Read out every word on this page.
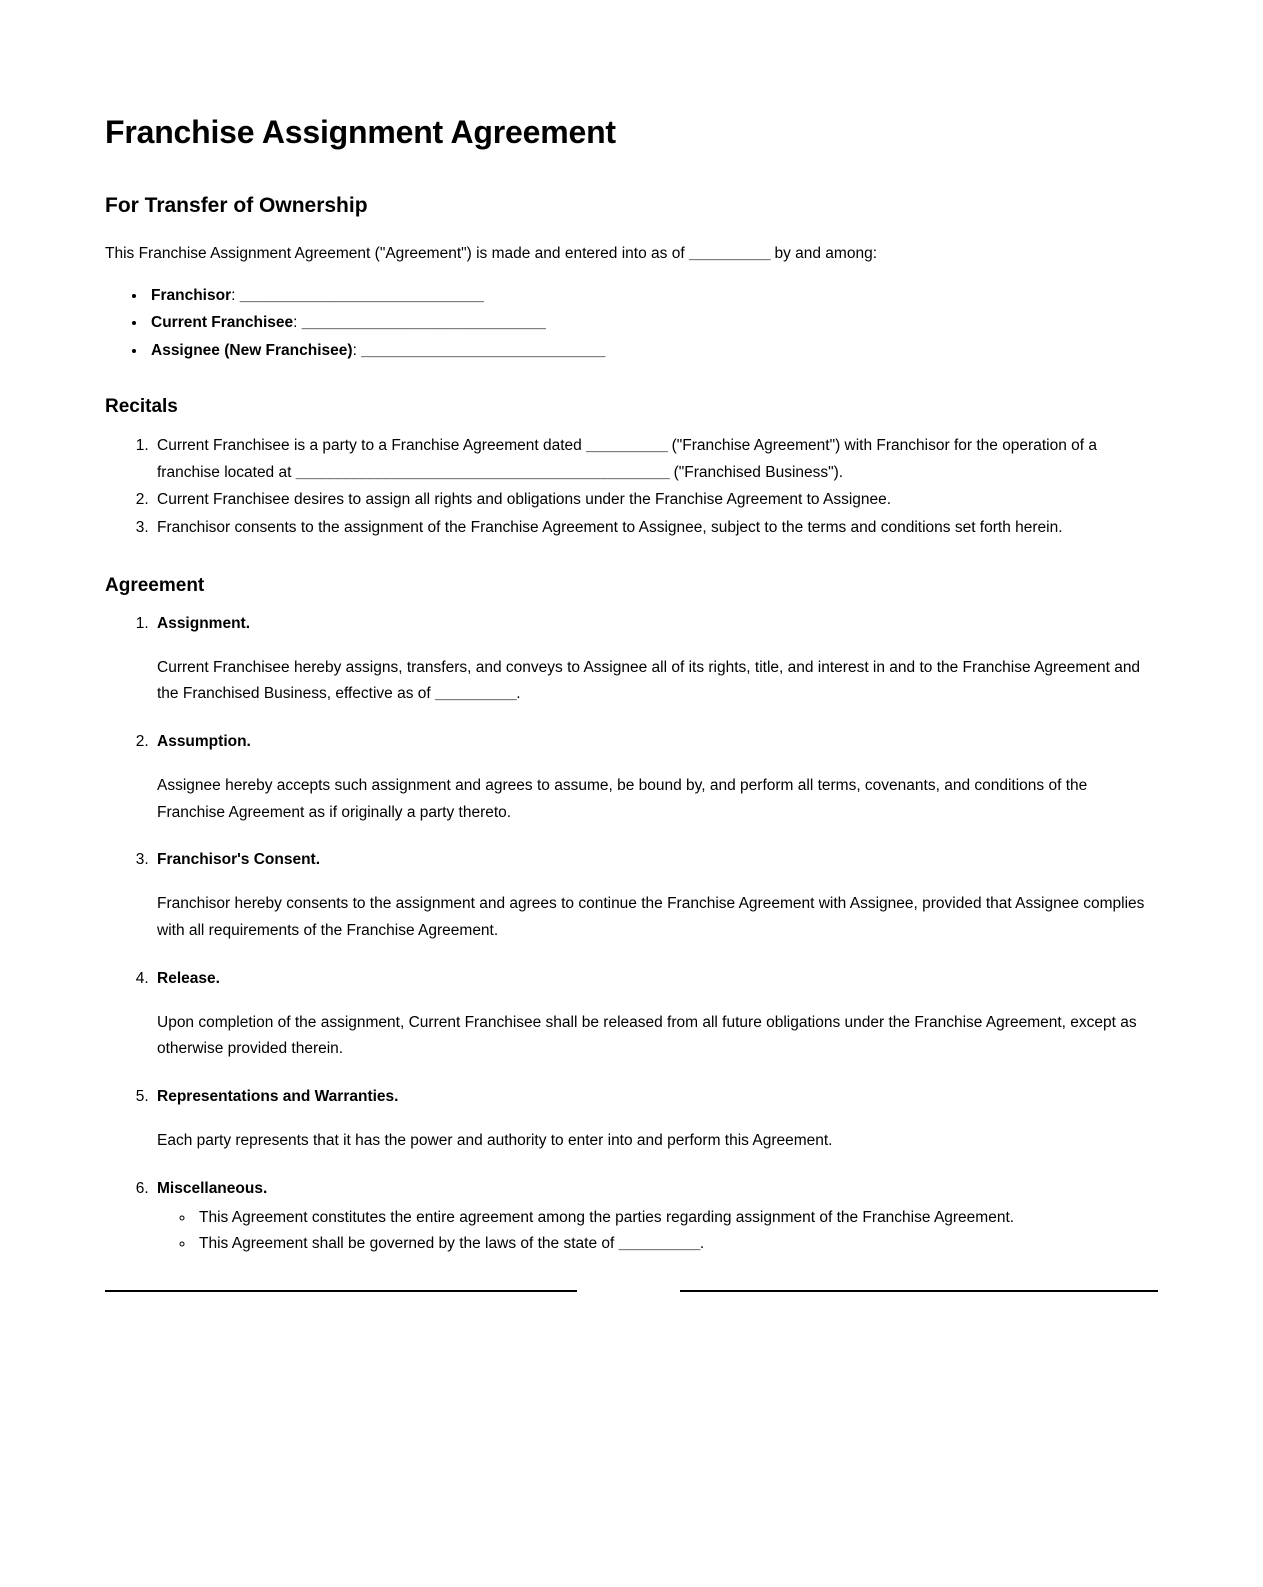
Franchise Assignment Agreement
For Transfer of Ownership

This Franchise Assignment Agreement ("Agreement") is made and entered into as of __________ by and among:

• Franchisor: ______________________________
• Current Franchisee: ______________________________
• Assignee (New Franchisee): ______________________________
Recitals
1. Current Franchisee is a party to a Franchise Agreement dated __________ ("Franchise Agreement") with Franchisor for the operation of a franchise located at ______________________________________________ ("Franchised Business").
2. Current Franchisee desires to assign all rights and obligations under the Franchise Agreement to Assignee.
3. Franchisor consents to the assignment of the Franchise Agreement to Assignee, subject to the terms and conditions set forth herein.
Agreement
1. Assignment.

Current Franchisee hereby assigns, transfers, and conveys to Assignee all of its rights, title, and interest in and to the Franchise Agreement and the Franchised Business, effective as of __________.

2. Assumption.

Assignee hereby accepts such assignment and agrees to assume, be bound by, and perform all terms, covenants, and conditions of the Franchise Agreement as if originally a party thereto.

3. Franchisor's Consent.

Franchisor hereby consents to the assignment and agrees to continue the Franchise Agreement with Assignee, provided that Assignee complies with all requirements of the Franchise Agreement.

4. Release.

Upon completion of the assignment, Current Franchisee shall be released from all future obligations under the Franchise Agreement, except as otherwise provided therein.

5. Representations and Warranties.

Each party represents that it has the power and authority to enter into and perform this Agreement.

6. Miscellaneous.
◦ This Agreement constitutes the entire agreement among the parties regarding assignment of the Franchise Agreement.
◦ This Agreement shall be governed by the laws of the state of __________.
